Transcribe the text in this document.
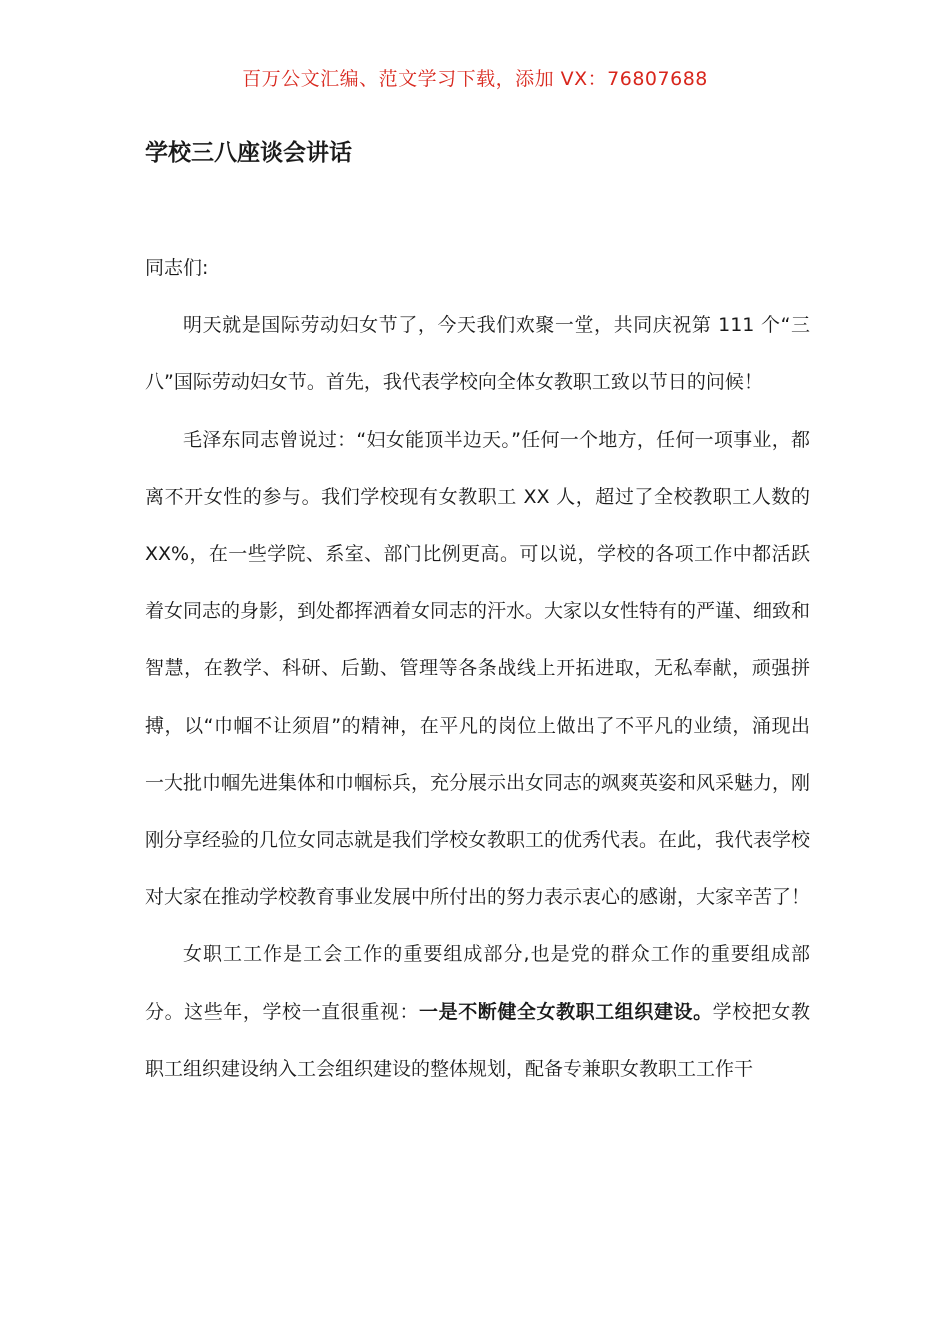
百万公文汇编、范文学习下载，添加 VX：76807688
学校三八座谈会讲话

同志们:

明天就是国际劳动妇女节了，今天我们欢聚一堂，共同庆祝第 111 个“三八”国际劳动妇女节。首先，我代表学校向全体女教职工致以节日的问候！

毛泽东同志曾说过：“妇女能顶半边天。”任何一个地方，任何一项事业，都离不开女性的参与。我们学校现有女教职工 XX 人，超过了全校教职工人数的 XX%，在一些学院、系室、部门比例更高。可以说，学校的各项工作中都活跃着女同志的身影，到处都挥洒着女同志的汗水。大家以女性特有的严谨、细致和智慧，在教学、科研、后勤、管理等各条战线上开拓进取，无私奉献，顽强拼搏，以“巾帼不让须眉”的精神，在平凡的岗位上做出了不平凡的业绩，涌现出一大批巾帼先进集体和巾帼标兵，充分展示出女同志的飒爽英姿和风采魅力，刚刚分享经验的几位女同志就是我们学校女教职工的优秀代表。在此，我代表学校对大家在推动学校教育事业发展中所付出的努力表示衷心的感谢，大家辛苦了！

女职工工作是工会工作的重要组成部分,也是党的群众工作的重要组成部分。这些年，学校一直很重视：一是不断健全女教职工组织建设。学校把女教职工组织建设纳入工会组织建设的整体规划，配备专兼职女教职工工作干
